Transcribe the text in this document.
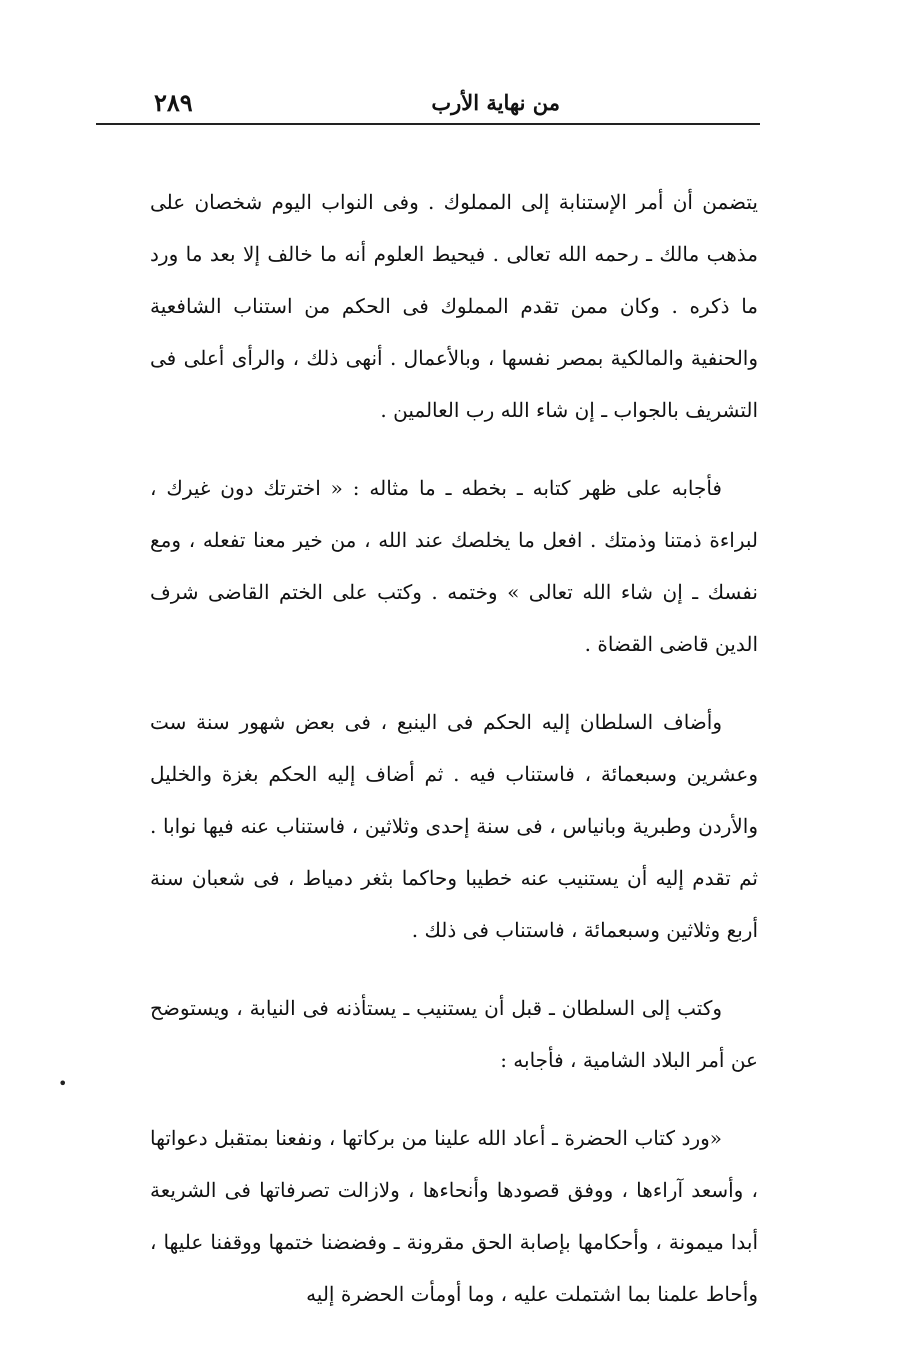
من نهاية الأرب
٢٨٩

يتضمن أن أمر الإستنابة إلى المملوك . وفى النواب اليوم شخصان على مذهب مالك ـ رحمه الله تعالى . فيحيط العلوم أنه ما خالف إلا بعد ما ورد ما ذكره . وكان ممن تقدم المملوك فى الحكم من استناب الشافعية والحنفية والمالكية بمصر نفسها ، وبالأعمال . أنهى ذلك ، والرأى أعلى فى التشريف بالجواب ـ إن شاء الله رب العالمين .

فأجابه على ظهر كتابه ـ بخطه ـ ما مثاله : « اخترتك دون غيرك ، لبراءة ذمتنا وذمتك . افعل ما يخلصك عند الله ، من خير معنا تفعله ، ومع نفسك ـ إن شاء الله تعالى » وختمه . وكتب على الختم القاضى شرف الدين قاضى القضاة .

وأضاف السلطان إليه الحكم فى الينبع ، فى بعض شهور سنة ست وعشرين وسبعمائة ، فاستناب فيه . ثم أضاف إليه الحكم بغزة والخليل والأردن وطبرية وبانياس ، فى سنة إحدى وثلاثين ، فاستناب عنه فيها نوابا . ثم تقدم إليه أن يستنيب عنه خطيبا وحاكما بثغر دمياط ، فى شعبان سنة أربع وثلاثين وسبعمائة ، فاستناب فى ذلك .

وكتب إلى السلطان ـ قبل أن يستنيب ـ يستأذنه فى النيابة ، ويستوضح عن أمر البلاد الشامية ، فأجابه :

«ورد كتاب الحضرة ـ أعاد الله علينا من بركاتها ، ونفعنا بمتقبل دعواتها ، وأسعد آراءها ، ووفق قصودها وأنحاءها ، ولازالت تصرفاتها فى الشريعة أبدا ميمونة ، وأحكامها بإصابة الحق مقرونة ـ وفضضنا ختمها ووقفنا عليها ، وأحاط علمنا بما اشتملت عليه ، وما أومأت الحضرة إليه

•
